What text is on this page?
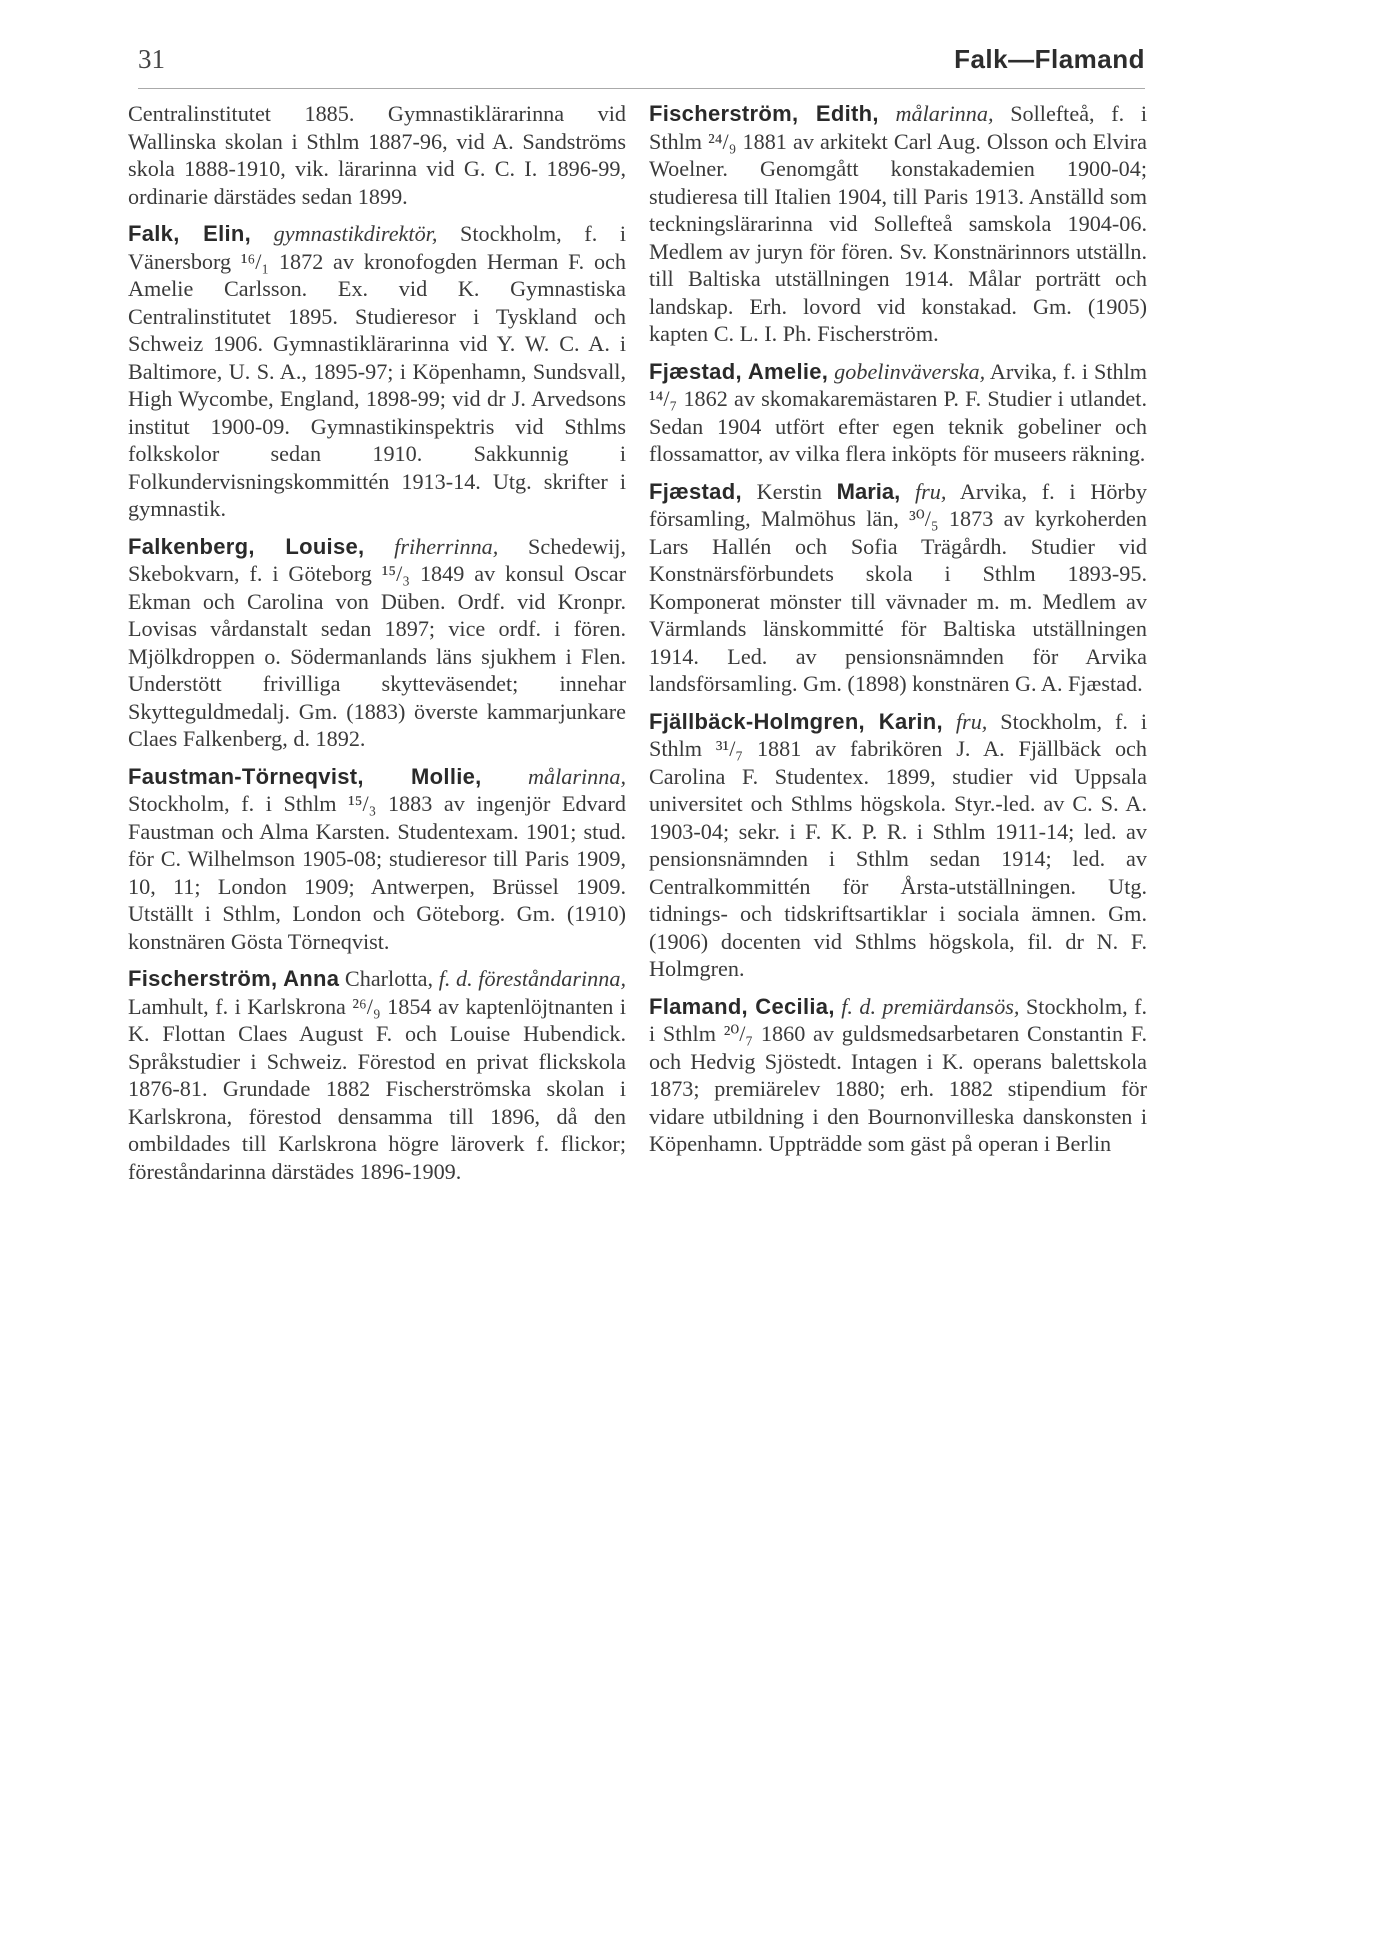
31	Falk—Flamand

Centralinstitutet 1885. Gymnastiklärarinna vid Wallinska skolan i Sthlm 1887-96, vid A. Sandströms skola 1888-1910, vik. lärarinna vid G. C. I. 1896-99, ordinarie därstädes sedan 1899.

Falk, Elin, gymnastikdirektör, Stockholm, f. i Vänersborg ¹⁶/₁ 1872 av kronofogden Herman F. och Amelie Carlsson. Ex. vid K. Gymnastiska Centralinstitutet 1895. Studieresor i Tyskland och Schweiz 1906. Gymnastiklärarinna vid Y. W. C. A. i Baltimore, U. S. A., 1895-97; i Köpenhamn, Sundsvall, High Wycombe, England, 1898-99; vid dr J. Arvedsons institut 1900-09. Gymnastikinspektris vid Sthlms folkskolor sedan 1910. Sakkunnig i Folkundervisningskommittén 1913-14. Utg. skrifter i gymnastik.

Falkenberg, Louise, friherrinna, Schedewij, Skebokvarn, f. i Göteborg ¹⁵/₃ 1849 av konsul Oscar Ekman och Carolina von Düben. Ordf. vid Kronpr. Lovisas vårdanstalt sedan 1897; vice ordf. i fören. Mjölkdroppen o. Södermanlands läns sjukhem i Flen. Understött frivilliga skytteväsendet; innehar Skytteguldmedalj. Gm. (1883) överste kammarjunkare Claes Falkenberg, d. 1892.

Faustman-Törneqvist, Mollie, målarinna, Stockholm, f. i Sthlm ¹⁵/₃ 1883 av ingenjör Edvard Faustman och Alma Karsten. Studentexam. 1901; stud. för C. Wilhelmson 1905-08; studieresor till Paris 1909, 10, 11; London 1909; Antwerpen, Brüssel 1909. Utställt i Sthlm, London och Göteborg. Gm. (1910) konstnären Gösta Törneqvist.

Fischerström, Anna Charlotta, f. d. föreståndarinna, Lamhult, f. i Karlskrona ²⁶/₉ 1854 av kaptenlöjtnanten i K. Flottan Claes August F. och Louise Hubendick. Språkstudier i Schweiz. Förestod en privat flickskola 1876-81. Grundade 1882 Fischerströmska skolan i Karlskrona, förestod densamma till 1896, då den ombildades till Karlskrona högre läroverk f. flickor; föreståndarinna därstädes 1896-1909.

Fischerström, Edith, målarinna, Sollefteå, f. i Sthlm ²⁴/₉ 1881 av arkitekt Carl Aug. Olsson och Elvira Woelner. Genomgått konstakademien 1900-04; studieresa till Italien 1904, till Paris 1913. Anställd som teckningslärarinna vid Sollefteå samskola 1904-06. Medlem av juryn för fören. Sv. Konstnärinnors utställn. till Baltiska utställningen 1914. Målar porträtt och landskap. Erh. lovord vid konstakad. Gm. (1905) kapten C. L. I. Ph. Fischerström.

Fjæstad, Amelie, gobelinväverska, Arvika, f. i Sthlm ¹⁴/₇ 1862 av skomakaremästaren P. F. Studier i utlandet. Sedan 1904 utfört efter egen teknik gobeliner och flossamattor, av vilka flera inköpts för museers räkning.

Fjæstad, Kerstin Maria, fru, Arvika, f. i Hörby församling, Malmöhus län, ³⁰/₅ 1873 av kyrkoherden Lars Hallén och Sofia Trägårdh. Studier vid Konstnärsförbundets skola i Sthlm 1893-95. Komponerat mönster till vävnader m. m. Medlem av Värmlands länskommitté för Baltiska utställningen 1914. Led. av pensionsnämnden för Arvika landsförsamling. Gm. (1898) konstnären G. A. Fjæstad.

Fjällbäck-Holmgren, Karin, fru, Stockholm, f. i Sthlm ³¹/₇ 1881 av fabrikören J. A. Fjällbäck och Carolina F. Studentex. 1899, studier vid Uppsala universitet och Sthlms högskola. Styr.-led. av C. S. A. 1903-04; sekr. i F. K. P. R. i Sthlm 1911-14; led. av pensionsnämnden i Sthlm sedan 1914; led. av Centralkommittén för Årsta-utställningen. Utg. tidnings- och tidskriftsartiklar i sociala ämnen. Gm. (1906) docenten vid Sthlms högskola, fil. dr N. F. Holmgren.

Flamand, Cecilia, f. d. premiärdansös, Stockholm, f. i Sthlm ²⁰/₇ 1860 av guldsmedsarbetaren Constantin F. och Hedvig Sjöstedt. Intagen i K. operans balettskola 1873; premiärelev 1880; erh. 1882 stipendium för vidare utbildning i den Bournonvilleska danskonsten i Köpenhamn. Uppträdde som gäst på operan i Berlin
